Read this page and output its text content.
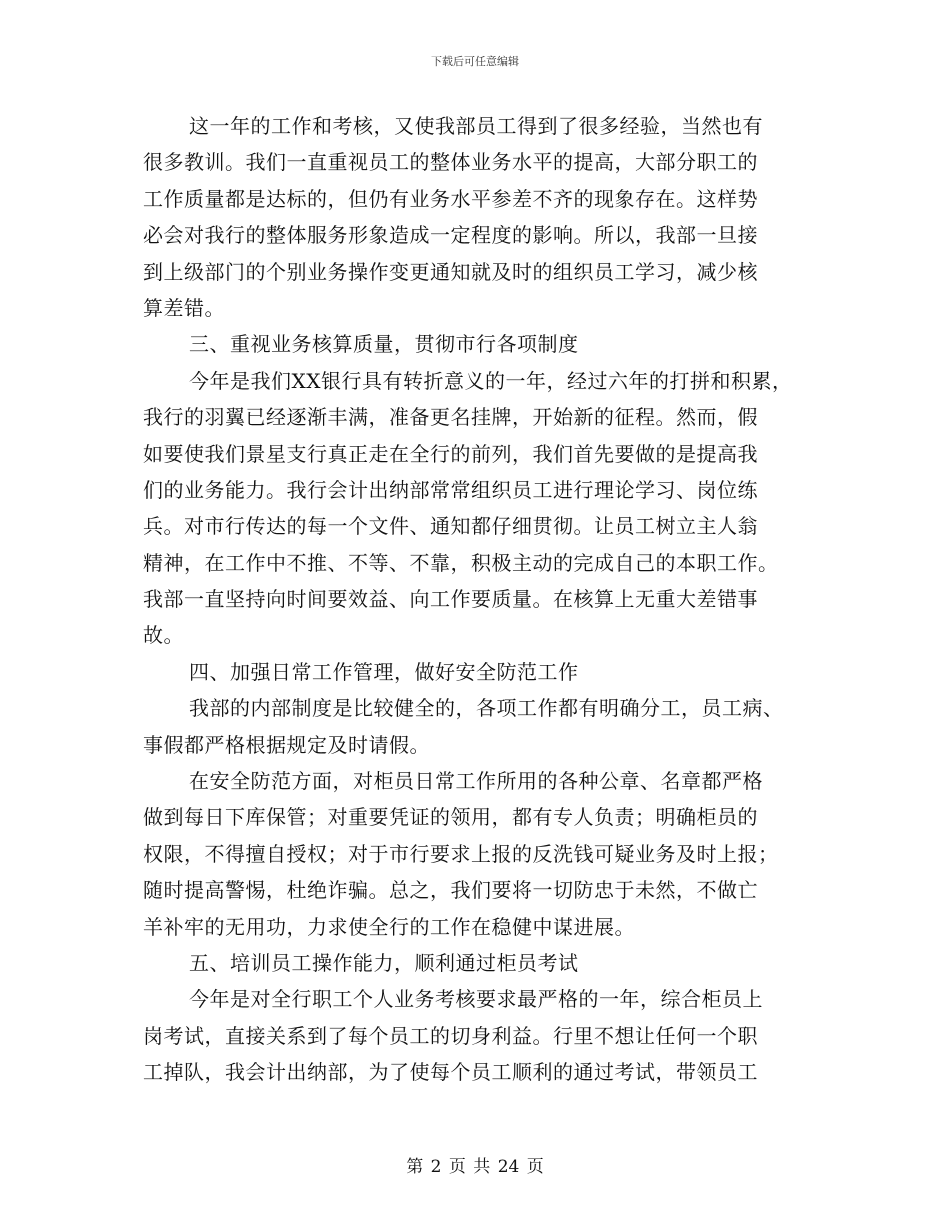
下载后可任意编辑
这一年的工作和考核，又使我部员工得到了很多经验，当然也有
很多教训。我们一直重视员工的整体业务水平的提高，大部分职工的
工作质量都是达标的，但仍有业务水平参差不齐的现象存在。这样势
必会对我行的整体服务形象造成一定程度的影响。所以，我部一旦接
到上级部门的个别业务操作变更通知就及时的组织员工学习，减少核
算差错。
三、重视业务核算质量，贯彻市行各项制度
今年是我们XX银行具有转折意义的一年，经过六年的打拼和积累，
我行的羽翼已经逐渐丰满，准备更名挂牌，开始新的征程。然而，假
如要使我们景星支行真正走在全行的前列，我们首先要做的是提高我
们的业务能力。我行会计出纳部常常组织员工进行理论学习、岗位练
兵。对市行传达的每一个文件、通知都仔细贯彻。让员工树立主人翁
精神，在工作中不推、不等、不靠，积极主动的完成自己的本职工作。
我部一直坚持向时间要效益、向工作要质量。在核算上无重大差错事
故。
四、加强日常工作管理，做好安全防范工作
我部的内部制度是比较健全的，各项工作都有明确分工，员工病、
事假都严格根据规定及时请假。
在安全防范方面，对柜员日常工作所用的各种公章、名章都严格
做到每日下库保管；对重要凭证的领用，都有专人负责；明确柜员的
权限，不得擅自授权；对于市行要求上报的反洗钱可疑业务及时上报；
随时提高警惕，杜绝诈骗。总之，我们要将一切防忠于未然，不做亡
羊补牢的无用功，力求使全行的工作在稳健中谋进展。
五、培训员工操作能力，顺利通过柜员考试
今年是对全行职工个人业务考核要求最严格的一年，综合柜员上
岗考试，直接关系到了每个员工的切身利益。行里不想让任何一个职
工掉队，我会计出纳部，为了使每个员工顺利的通过考试，带领员工
第 2 页 共 24 页
